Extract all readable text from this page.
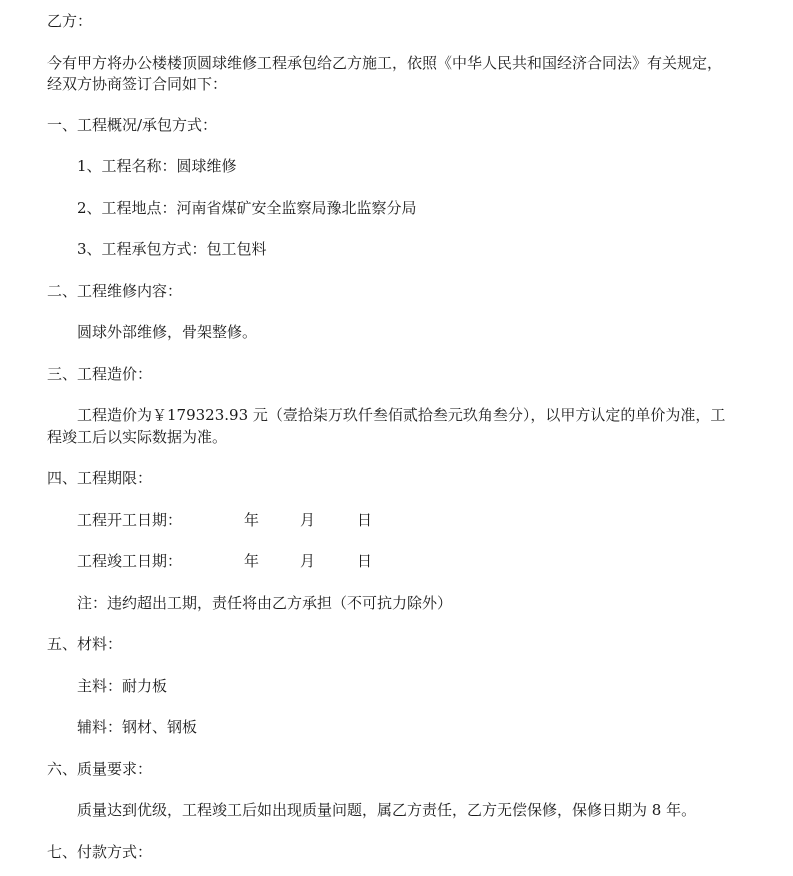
乙方：
今有甲方将办公楼楼顶圆球维修工程承包给乙方施工，依照《中华人民共和国经济合同法》有关规定，
经双方协商签订合同如下：
一、工程概况/承包方式：
1、工程名称：圆球维修
2、工程地点：河南省煤矿安全监察局豫北监察分局
3、工程承包方式：包工包料
二、工程维修内容：
圆球外部维修，骨架整修。
三、工程造价：
工程造价为￥179323.93 元（壹拾柒万玖仟叁佰贰拾叁元玖角叁分），以甲方认定的单价为准，工
程竣工后以实际数据为准。
四、工程期限：
工程开工日期：	年	月	日
工程竣工日期：	年	月	日
注：违约超出工期，责任将由乙方承担（不可抗力除外）
五、材料：
主料：耐力板
辅料：钢材、钢板
六、质量要求：
质量达到优级，工程竣工后如出现质量问题，属乙方责任，乙方无偿保修，保修日期为 8 年。
七、付款方式：
